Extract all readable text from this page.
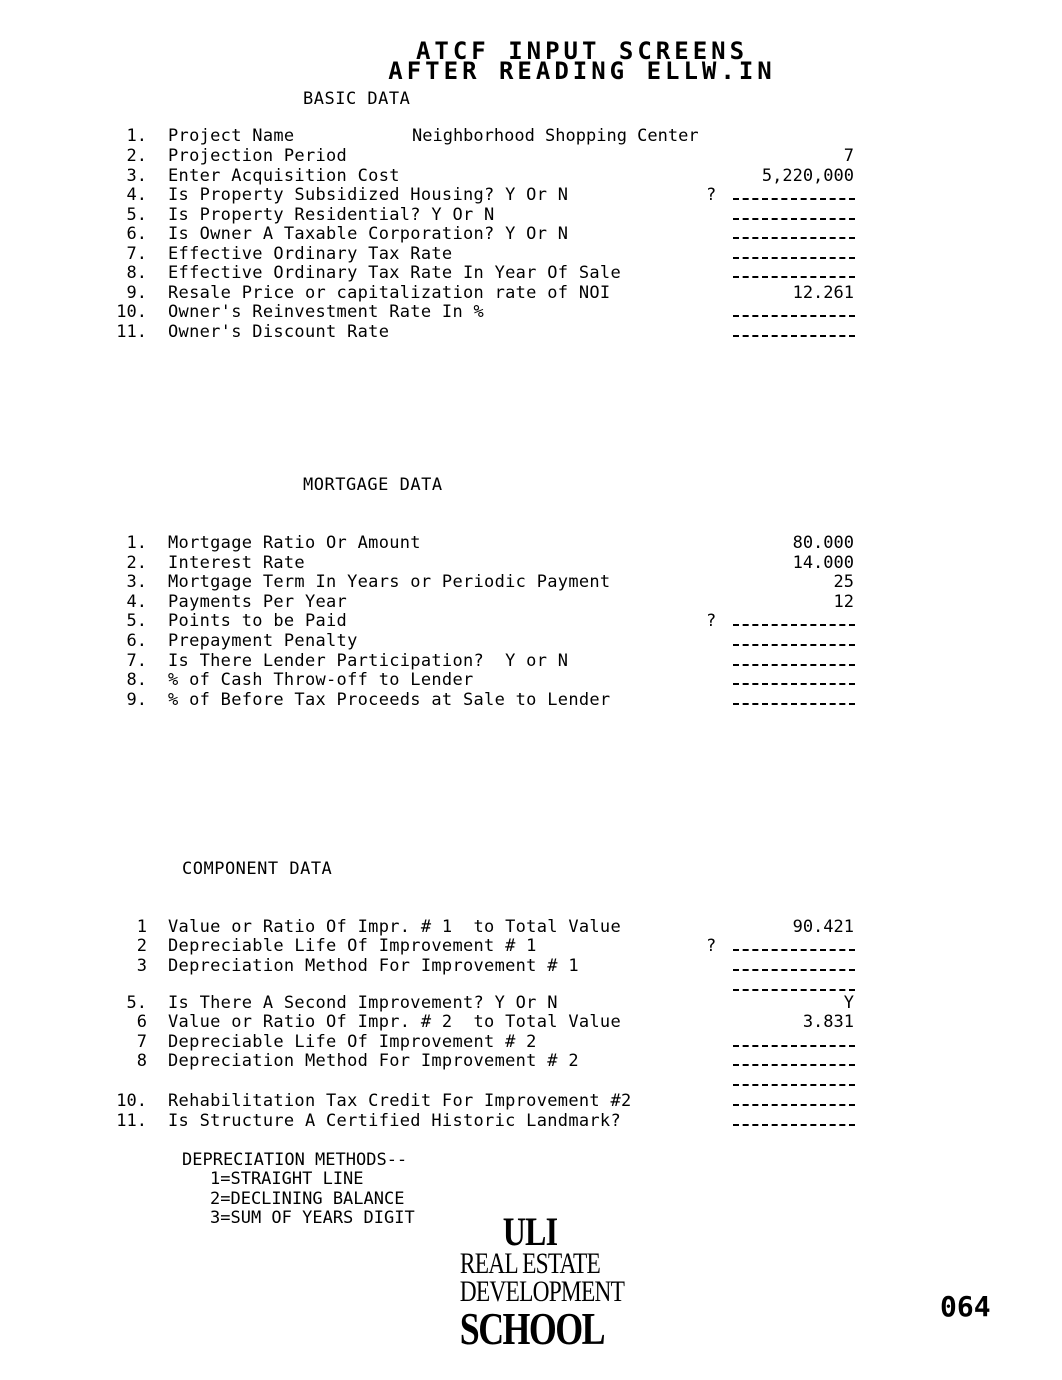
ATCF INPUT SCREENS
AFTER READING ELLW.IN
BASIC DATA
1. Project Name	Neighborhood Shopping Center
2. Projection Period	7
3. Enter Acquisition Cost	5,220,000
4. Is Property Subsidized Housing? Y Or N	?
5. Is Property Residential? Y Or N
6. Is Owner A Taxable Corporation? Y Or N
7. Effective Ordinary Tax Rate
8. Effective Ordinary Tax Rate In Year Of Sale
9. Resale Price or capitalization rate of NOI	12.261
10. Owner's Reinvestment Rate In %
11. Owner's Discount Rate
MORTGAGE DATA
1. Mortgage Ratio Or Amount	80.000
2. Interest Rate	14.000
3. Mortgage Term In Years or Periodic Payment	25
4. Payments Per Year	12
5. Points to be Paid	?
6. Prepayment Penalty
7. Is There Lender Participation?  Y or N
8. % of Cash Throw-off to Lender
9. % of Before Tax Proceeds at Sale to Lender
COMPONENT DATA
1 Value or Ratio Of Impr. # 1  to Total Value	90.421
2 Depreciable Life Of Improvement # 1	?
3 Depreciation Method For Improvement # 1
5. Is There A Second Improvement? Y Or N	Y
6 Value or Ratio Of Impr. # 2  to Total Value	3.831
7 Depreciable Life Of Improvement # 2
8 Depreciation Method For Improvement # 2
10. Rehabilitation Tax Credit For Improvement #2
11. Is Structure A Certified Historic Landmark?
DEPRECIATION METHODS--
1=STRAIGHT LINE
2=DECLINING BALANCE
3=SUM OF YEARS DIGIT	ULI
REAL ESTATE
DEVELOPMENT
SCHOOL	064
